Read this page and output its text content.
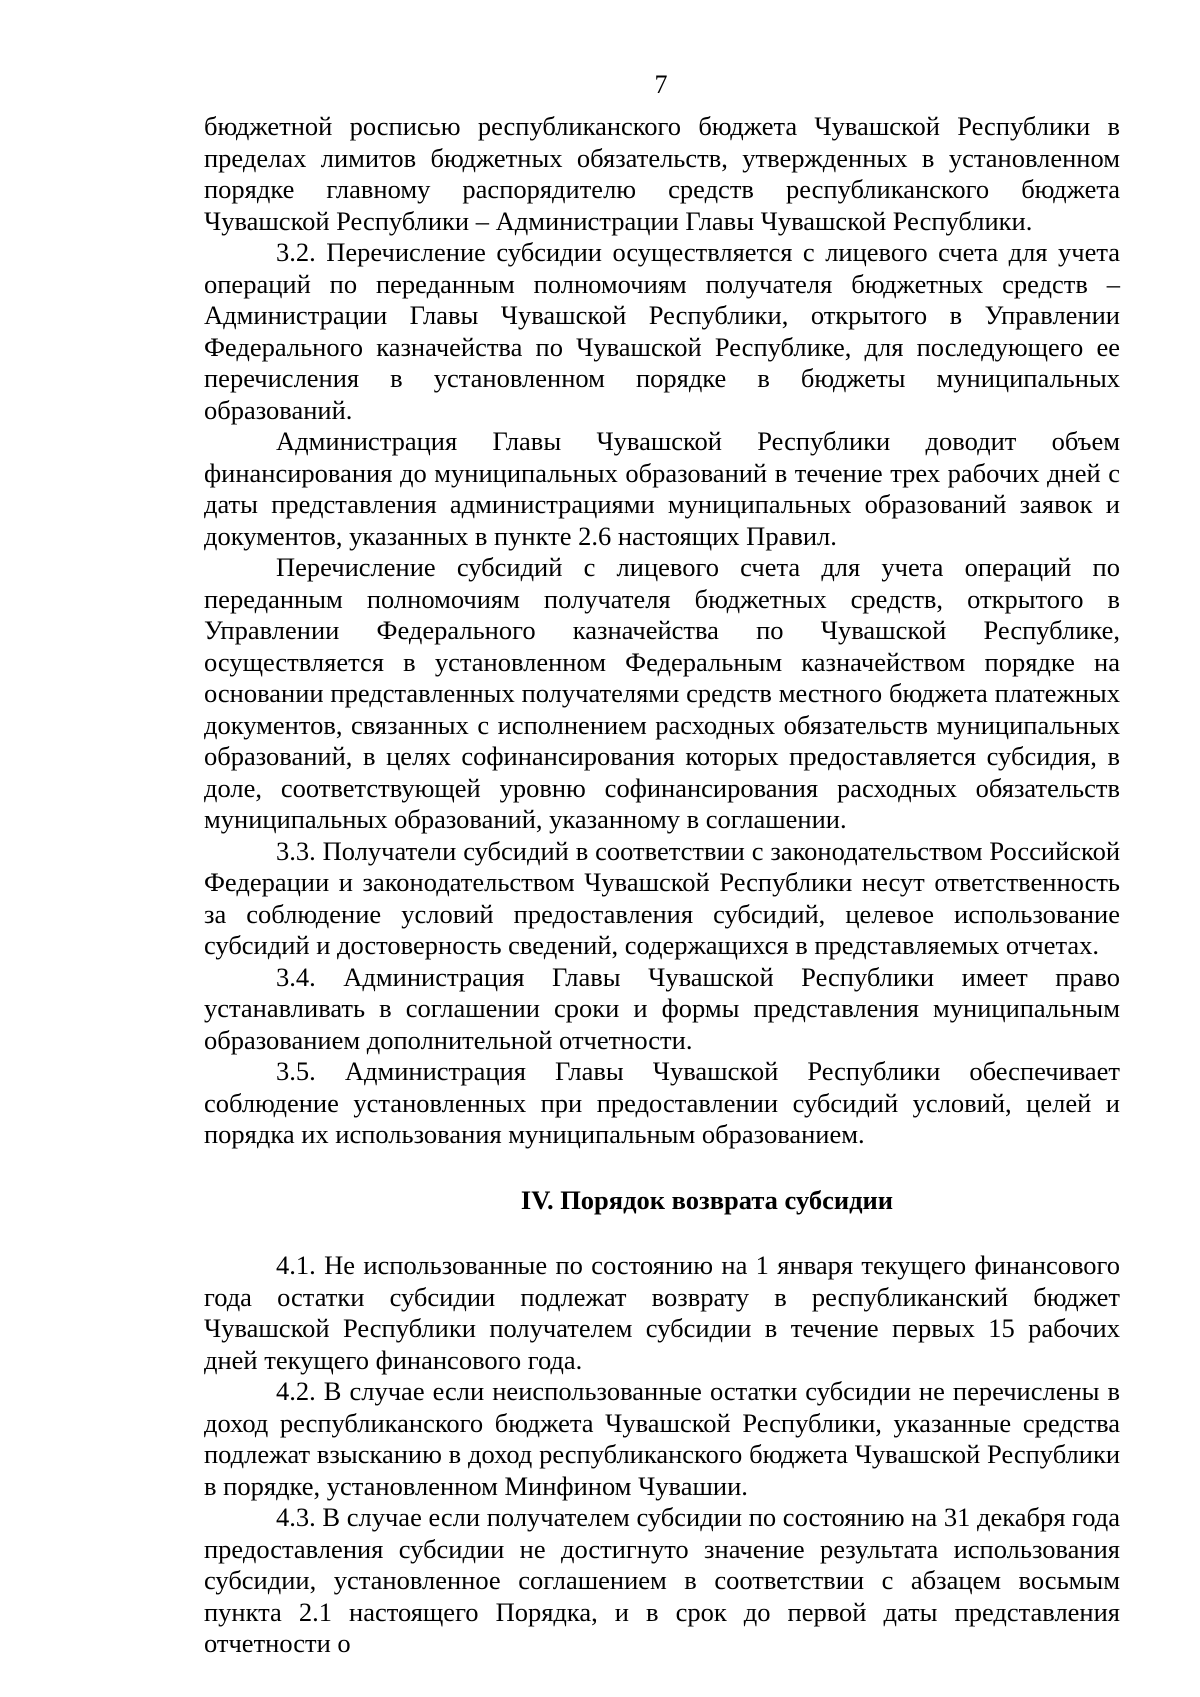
7

бюджетной росписью республиканского бюджета Чувашской Республики в пределах лимитов бюджетных обязательств, утвержденных в установленном порядке главному распорядителю средств республиканского бюджета Чувашской Республики – Администрации Главы Чувашской Республики.

3.2. Перечисление субсидии осуществляется с лицевого счета для учета операций по переданным полномочиям получателя бюджетных средств – Администрации Главы Чувашской Республики, открытого в Управлении Федерального казначейства по Чувашской Республике, для последующего ее перечисления в установленном порядке в бюджеты муниципальных образований.

Администрация Главы Чувашской Республики доводит объем финансирования до муниципальных образований в течение трех рабочих дней с даты представления администрациями муниципальных образований заявок и документов, указанных в пункте 2.6 настоящих Правил.

Перечисление субсидий с лицевого счета для учета операций по переданным полномочиям получателя бюджетных средств, открытого в Управлении Федерального казначейства по Чувашской Республике, осуществляется в установленном Федеральным казначейством порядке на основании представленных получателями средств местного бюджета платежных документов, связанных с исполнением расходных обязательств муниципальных образований, в целях софинансирования которых предоставляется субсидия, в доле, соответствующей уровню софинансирования расходных обязательств муниципальных образований, указанному в соглашении.

3.3. Получатели субсидий в соответствии с законодательством Российской Федерации и законодательством Чувашской Республики несут ответственность за соблюдение условий предоставления субсидий, целевое использование субсидий и достоверность сведений, содержащихся в представляемых отчетах.

3.4. Администрация Главы Чувашской Республики имеет право устанавливать в соглашении сроки и формы представления муниципальным образованием дополнительной отчетности.

3.5. Администрация Главы Чувашской Республики обеспечивает соблюдение установленных при предоставлении субсидий условий, целей и порядка их использования муниципальным образованием.

IV. Порядок возврата субсидии

4.1. Не использованные по состоянию на 1 января текущего финансового года остатки субсидии подлежат возврату в республиканский бюджет Чувашской Республики получателем субсидии в течение первых 15 рабочих дней текущего финансового года.

4.2. В случае если неиспользованные остатки субсидии не перечислены в доход республиканского бюджета Чувашской Республики, указанные средства подлежат взысканию в доход республиканского бюджета Чувашской Республики в порядке, установленном Минфином Чувашии.

4.3. В случае если получателем субсидии по состоянию на 31 декабря года предоставления субсидии не достигнуто значение результата использования субсидии, установленное соглашением в соответствии с абзацем восьмым пункта 2.1 настоящего Порядка, и в срок до первой даты представления отчетности о
